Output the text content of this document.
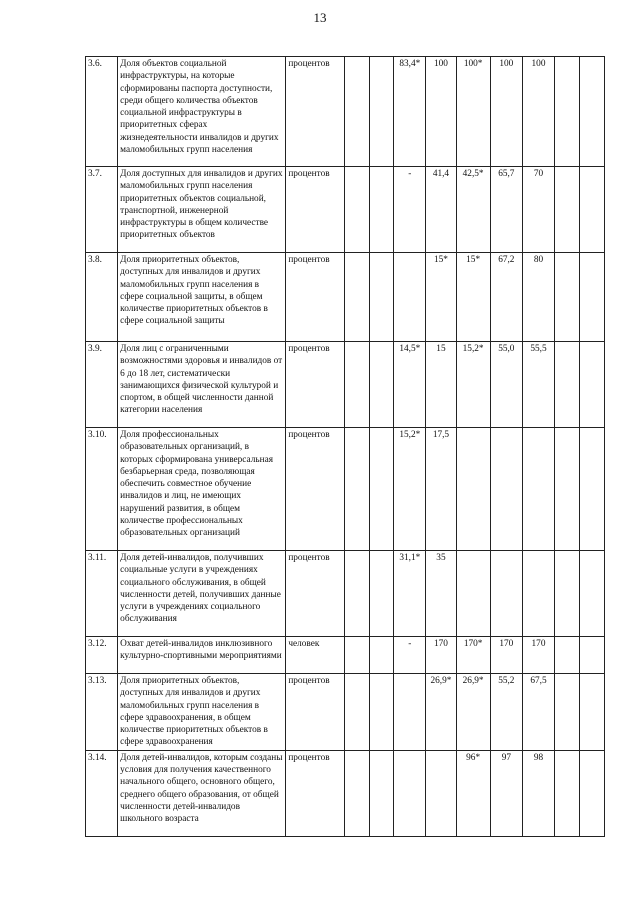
13
3.6.	Доля объектов социальной инфраструктуры, на которые сформированы паспорта доступности, среди общего количества объектов социальной инфраструктуры в приоритетных сферах жизнедеятельности инвалидов и других маломобильных групп населения	процентов			83,4*	100	100*	100	100		
3.7.	Доля доступных для инвалидов и других маломобильных групп населения приоритетных объектов социальной, транспортной, инженерной инфраструктуры в общем количестве приоритетных объектов	процентов			-	41,4	42,5*	65,7	70		
3.8.	Доля приоритетных объектов, доступных для инвалидов и других маломобильных групп населения в сфере социальной защиты, в общем количестве приоритетных объектов в сфере социальной защиты	процентов				15*	15*	67,2	80		
3.9.	Доля лиц с ограниченными возможностями здоровья и инвалидов от 6 до 18 лет, систематически занимающихся физической культурой и спортом, в общей численности данной категории населения	процентов			14,5*	15	15,2*	55,0	55,5		
3.10.	Доля профессиональных образовательных организаций, в которых сформирована универсальная безбарьерная среда, позволяющая обеспечить совместное обучение инвалидов и лиц, не имеющих нарушений развития, в общем количестве профессиональных образовательных организаций	процентов			15,2*	17,5					
3.11.	Доля детей-инвалидов, получивших социальные услуги в учреждениях социального обслуживания, в общей численности детей, получивших данные услуги в учреждениях социального обслуживания	процентов			31,1*	35					
3.12.	Охват детей-инвалидов инклюзивного культурно-спортивными мероприятиями	человек			-	170	170*	170	170		
3.13.	Доля приоритетных объектов, доступных для инвалидов и других маломобильных групп населения в сфере здравоохранения, в общем количестве приоритетных объектов в сфере здравоохранения	процентов				26,9*	26,9*	55,2	67,5		
3.14.	Доля детей-инвалидов, которым созданы условия для получения качественного начального общего, основного общего, среднего общего образования, от общей численности детей-инвалидов школьного возраста	процентов					96*	97	98		
